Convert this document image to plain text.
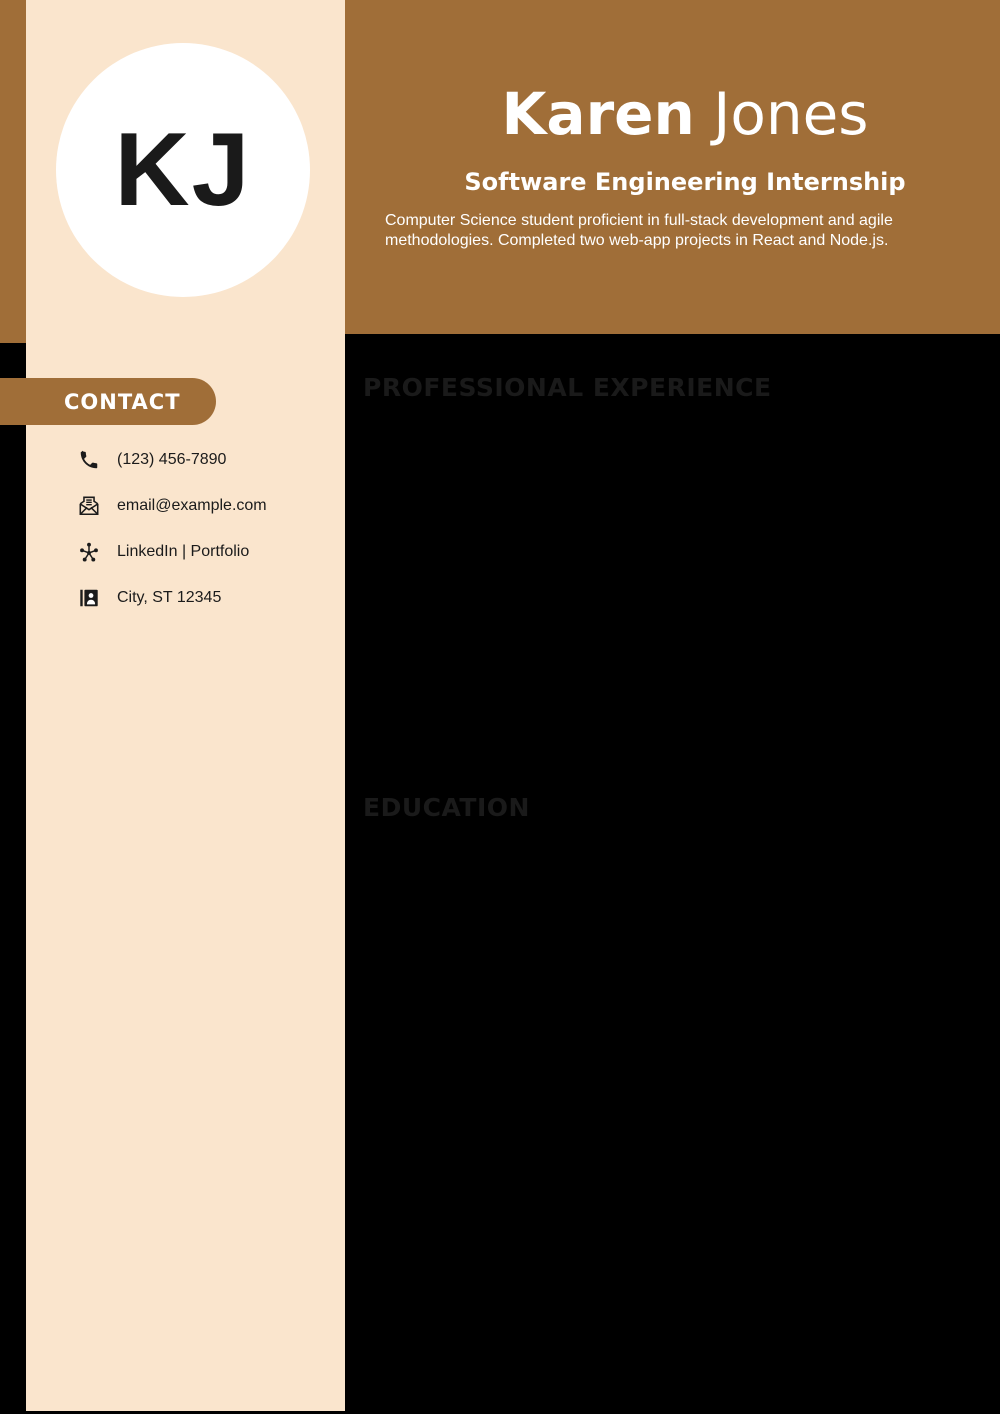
Karen Jones
Software Engineering Internship
Computer Science student proficient in full-stack development and agile methodologies. Completed two web-app projects in React and Node.js.
PROFESSIONAL EXPERIENCE
EDUCATION
KJ
CONTACT
(123) 456-7890
email@example.com
LinkedIn | Portfolio
City, ST 12345
